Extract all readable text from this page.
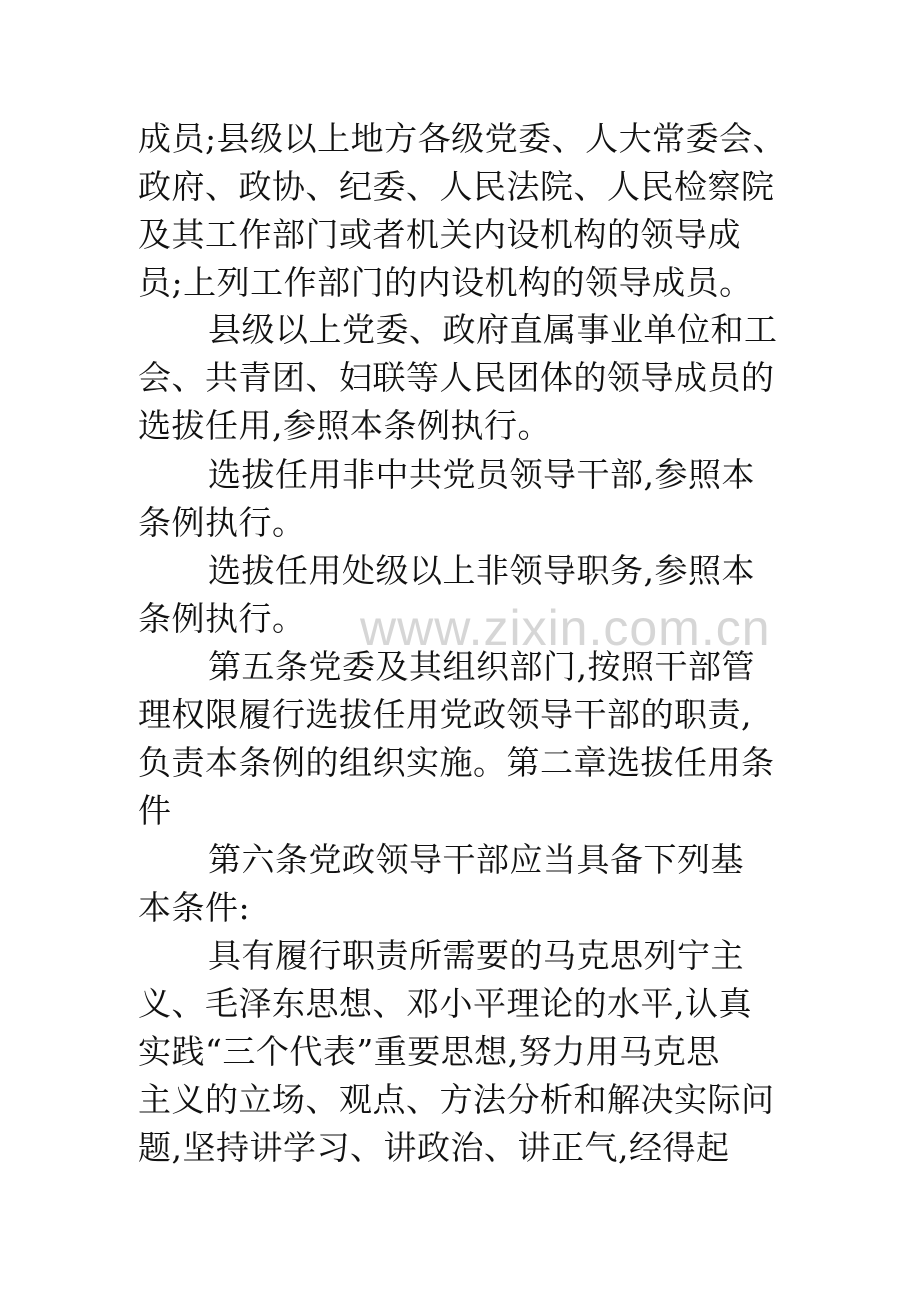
成员;县级以上地方各级党委、人大常委会、
政府、政协、纪委、人民法院、人民检察院
及其工作部门或者机关内设机构的领导成
员;上列工作部门的内设机构的领导成员。
县级以上党委、政府直属事业单位和工
会、共青团、妇联等人民团体的领导成员的
选拔任用,参照本条例执行。
选拔任用非中共党员领导干部,参照本
条例执行。
选拔任用处级以上非领导职务,参照本
条例执行。
第五条党委及其组织部门,按照干部管
理权限履行选拔任用党政领导干部的职责,
负责本条例的组织实施。第二章选拔任用条
件
第六条党政领导干部应当具备下列基
本条件:
具有履行职责所需要的马克思列宁主
义、毛泽东思想、邓小平理论的水平,认真
实践“三个代表”重要思想,努力用马克思
主义的立场、观点、方法分析和解决实际问
题,坚持讲学习、讲政治、讲正气,经得起
www.zixin.com.cn
